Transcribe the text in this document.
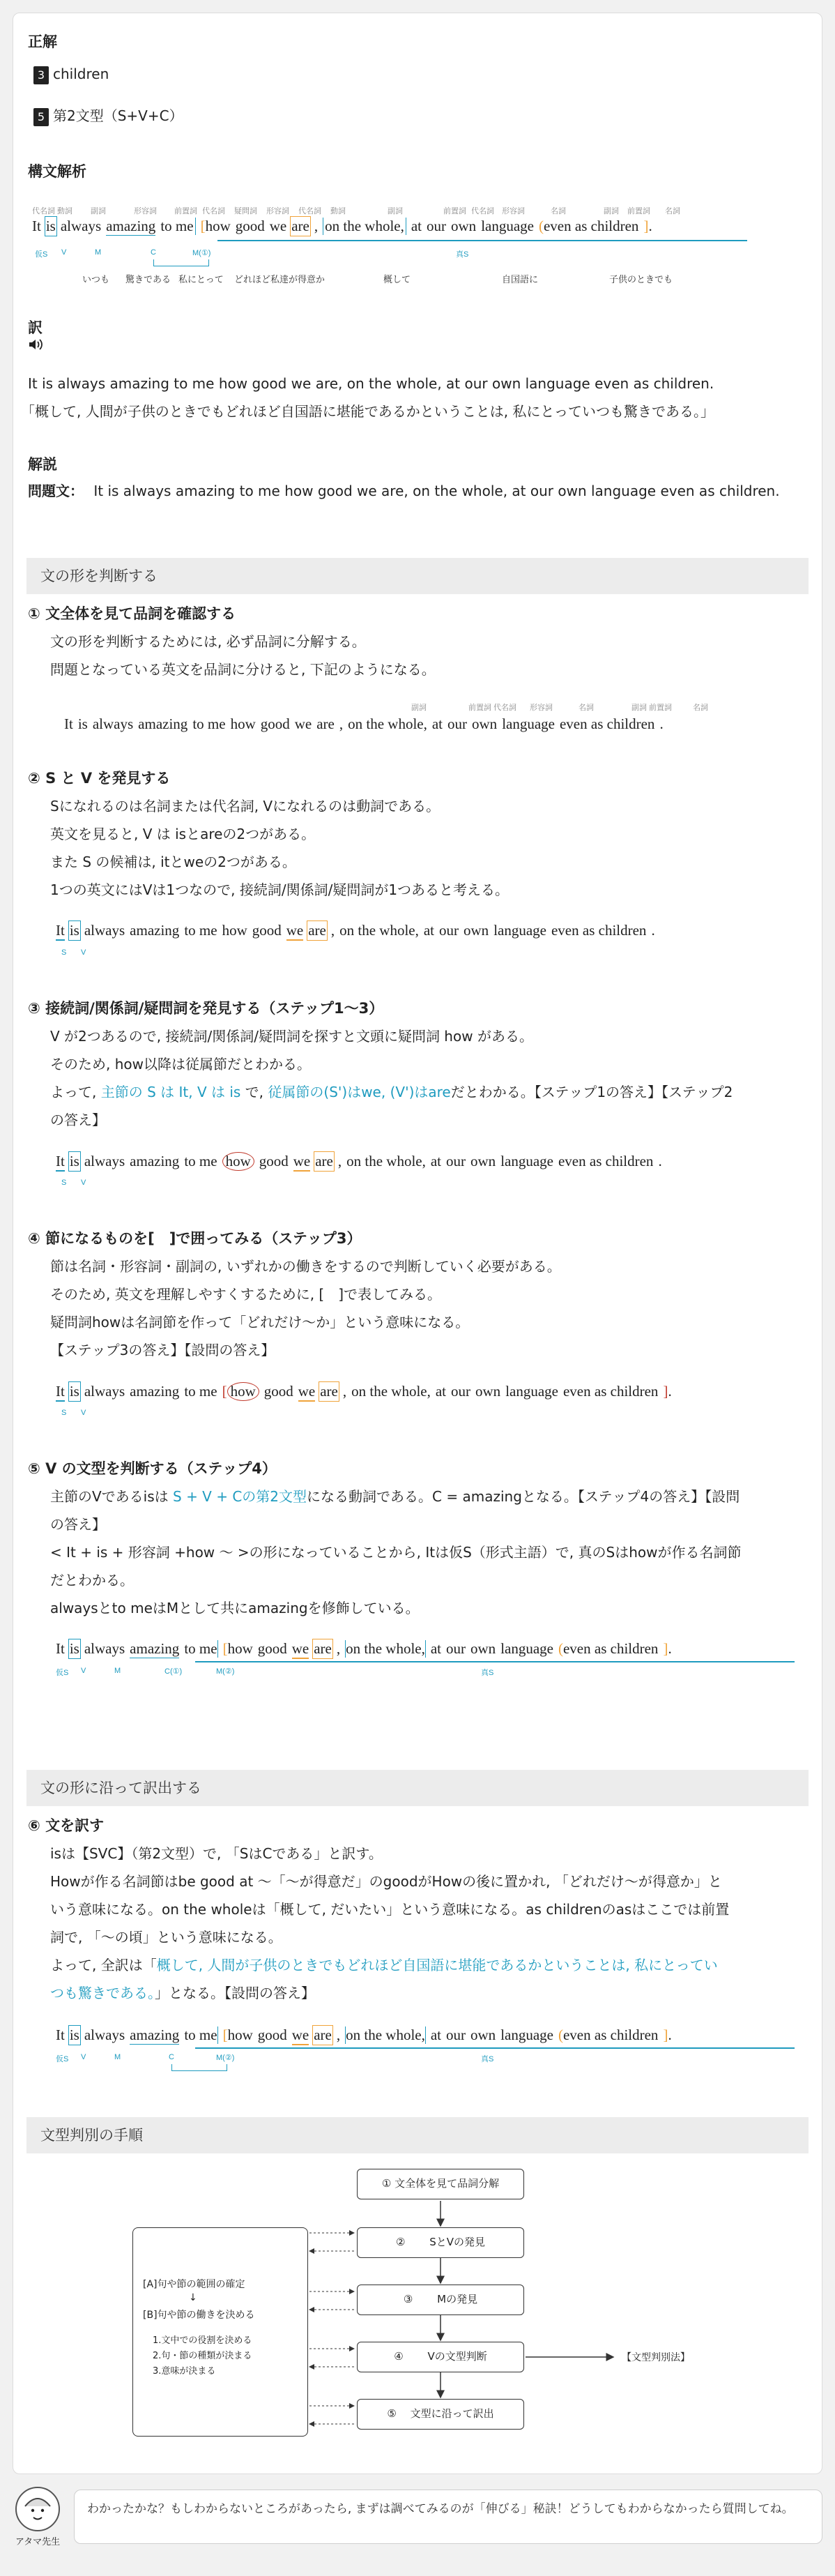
正解
3 children
5 第2文型（S+V+C）
構文解析
代名詞 動詞 副詞	形容詞 前置詞 代名詞 疑問詞 形容詞 代名詞 動詞	副詞	前置詞 代名詞 形容詞	名詞	副詞 前置詞 名詞
It is always amazing to me [how good we are , on the whole, at our own language (even as children ].
仮S V	M	C	M(①)	真S
いつも 驚きである 私にとって どれほど私達が得意か	概して	自国語に	子供のときでも
訳
It is always amazing to me how good we are, on the whole, at our own language even as children.
「概して, 人間が子供のときでもどれほど自国語に堪能であるかということは, 私にとっていつも驚きである。」
解説
問題文： It is always amazing to me how good we are, on the whole, at our own language even as children.
文の形を判断する
① 文全体を見て品詞を確認する
文の形を判断するためには, 必ず品詞に分解する。
問題となっている英文を品詞に分けると, 下記のようになる。
副詞	前置詞 代名詞 形容詞	名詞	副詞 前置詞	名詞
It is always amazing to me how good we are , on the whole, at our own language even as children .
② S と V を発見する
Sになれるのは名詞または代名詞, Vになれるのは動詞である。
英文を見ると, V は isとareの2つがある。
また S の候補は, itとweの2つがある。
1つの英文にはVは1つなので, 接続詞/関係詞/疑問詞が1つあると考える。
It is always amazing to me how good we are , on the whole, at our own language even as children .
S V
③ 接続詞/関係詞/疑問詞を発見する（ステップ1〜3）
V が2つあるので, 接続詞/関係詞/疑問詞を探すと文頭に疑問詞 how がある。
そのため, how以降は従属節だとわかる。
よって, 主節の S は It, V は is で, 従属節の(S')はwe, (V')はareだとわかる。【ステップ1の答え】【ステップ2
の答え】
It is always amazing to me how good we are , on the whole, at our own language even as children .
S V
④ 節になるものを[　]で囲ってみる（ステップ3）
節は名詞・形容詞・副詞の, いずれかの働きをするので判断していく必要がある。
そのため, 英文を理解しやすくするために, [　]で表してみる。
疑問詞howは名詞節を作って「どれだけ〜か」という意味になる。
【ステップ3の答え】【設問の答え】
It is always amazing to me [ how good we are , on the whole, at our own language even as children ].
S V
⑤ V の文型を判断する（ステップ4）
主節のVであるisは S + V + Cの第2文型になる動詞である。C = amazingとなる。【ステップ4の答え】【設問
の答え】
< It + is + 形容詞 +how 〜 >の形になっていることから, Itは仮S（形式主語）で, 真のSはhowが作る名詞節
だとわかる。
alwaysとto meはMとして共にamazingを修飾している。
It is always amazing to me [how good we are , on the whole, at our own language (even as children ].
仮S V	M	C(①)	M(②)	真S
文の形に沿って訳出する
⑥ 文を訳す
isは【SVC】（第2文型）で, 「SはCである」と訳す。
Howが作る名詞節はbe good at 〜「〜が得意だ」のgoodがHowの後に置かれ, 「どれだけ〜が得意か」と
いう意味になる。on the wholeは「概して, だいたい」という意味になる。as childrenのasはここでは前置
詞で, 「〜の頃」という意味になる。
よって, 全訳は「概して, 人間が子供のときでもどれほど自国語に堪能であるかということは, 私にとってい
つも驚きである。」となる。【設問の答え】
It is always amazing to me [how good we are , on the whole, at our own language (even as children ].
仮S V	M	C	M(②)	真S
文型判別の手順
① 文全体を見て品詞分解
② 　　SとVの発見
③ 　　Mの発見
④ 　　Vの文型判断
⑤ 　文型に沿って訳出
[A]句や節の範囲の確定
↓
[B]句や節の働きを決める
1.文中での役割を決める
2.句・節の種類が決まる
3.意味が決まる
【文型判別法】
アタマ先生
わかったかな？もしわからないところがあったら, まずは調べてみるのが「伸びる」秘訣！どうしてもわからなかったら質問してね。
